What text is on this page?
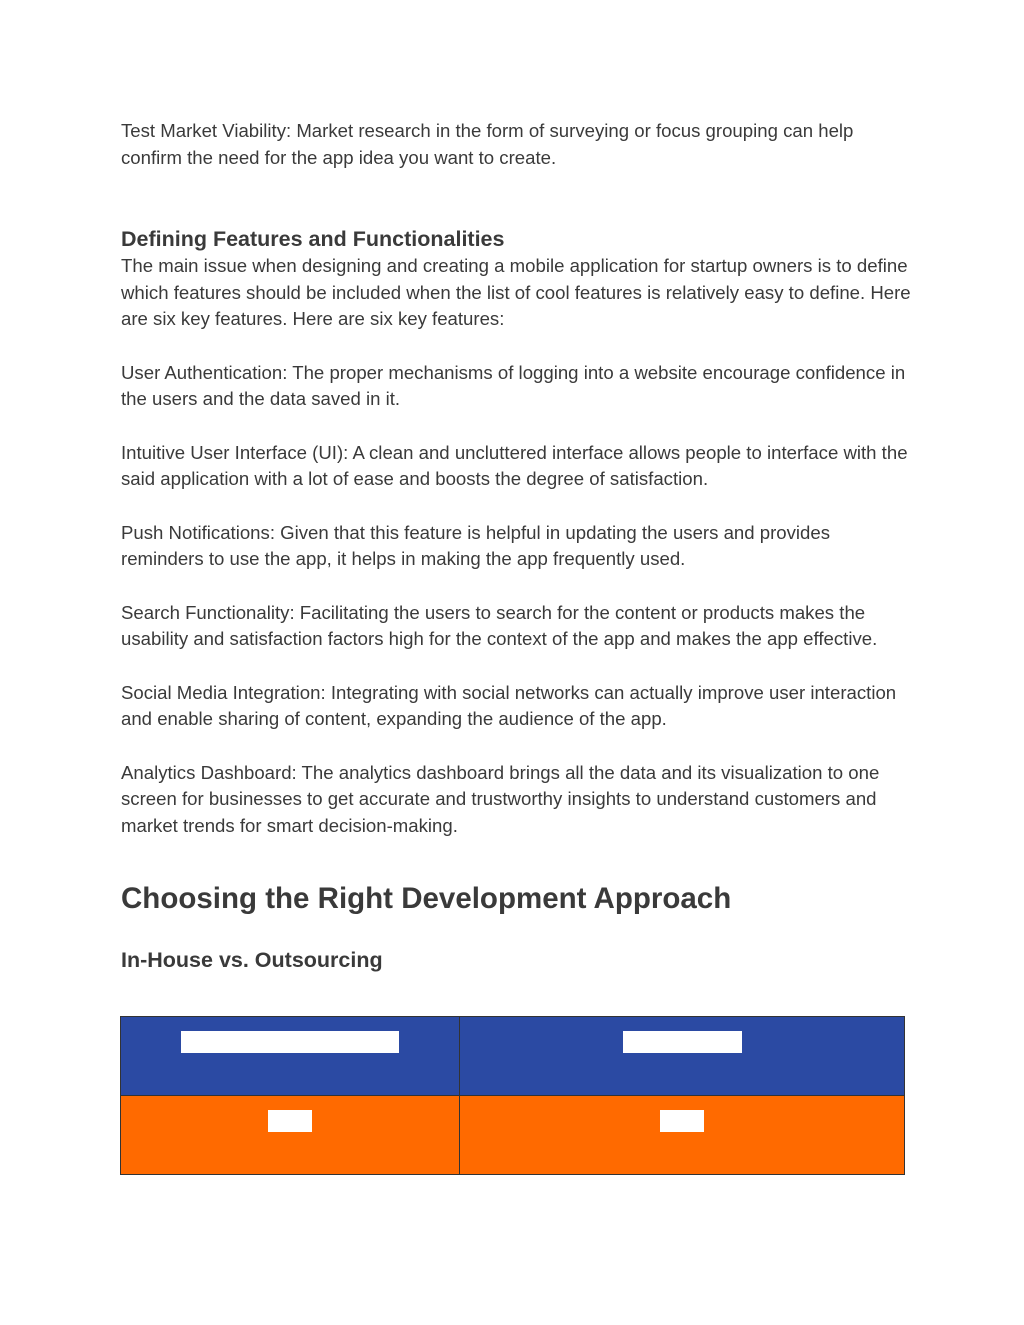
Test Market Viability: Market research in the form of surveying or focus grouping can help confirm the need for the app idea you want to create.

Defining Features and Functionalities

The main issue when designing and creating a mobile application for startup owners is to define which features should be included when the list of cool features is relatively easy to define. Here are six key features. Here are six key features:

User Authentication: The proper mechanisms of logging into a website encourage confidence in the users and the data saved in it.

Intuitive User Interface (UI): A clean and uncluttered interface allows people to interface with the said application with a lot of ease and boosts the degree of satisfaction.

Push Notifications: Given that this feature is helpful in updating the users and provides reminders to use the app, it helps in making the app frequently used.

Search Functionality: Facilitating the users to search for the content or products makes the usability and satisfaction factors high for the context of the app and makes the app effective.

Social Media Integration: Integrating with social networks can actually improve user interaction and enable sharing of content, expanding the audience of the app.

Analytics Dashboard: The analytics dashboard brings all the data and its visualization to one screen for businesses to get accurate and trustworthy insights to understand customers and market trends for smart decision-making.

Choosing the Right Development Approach
In-House vs. Outsourcing
